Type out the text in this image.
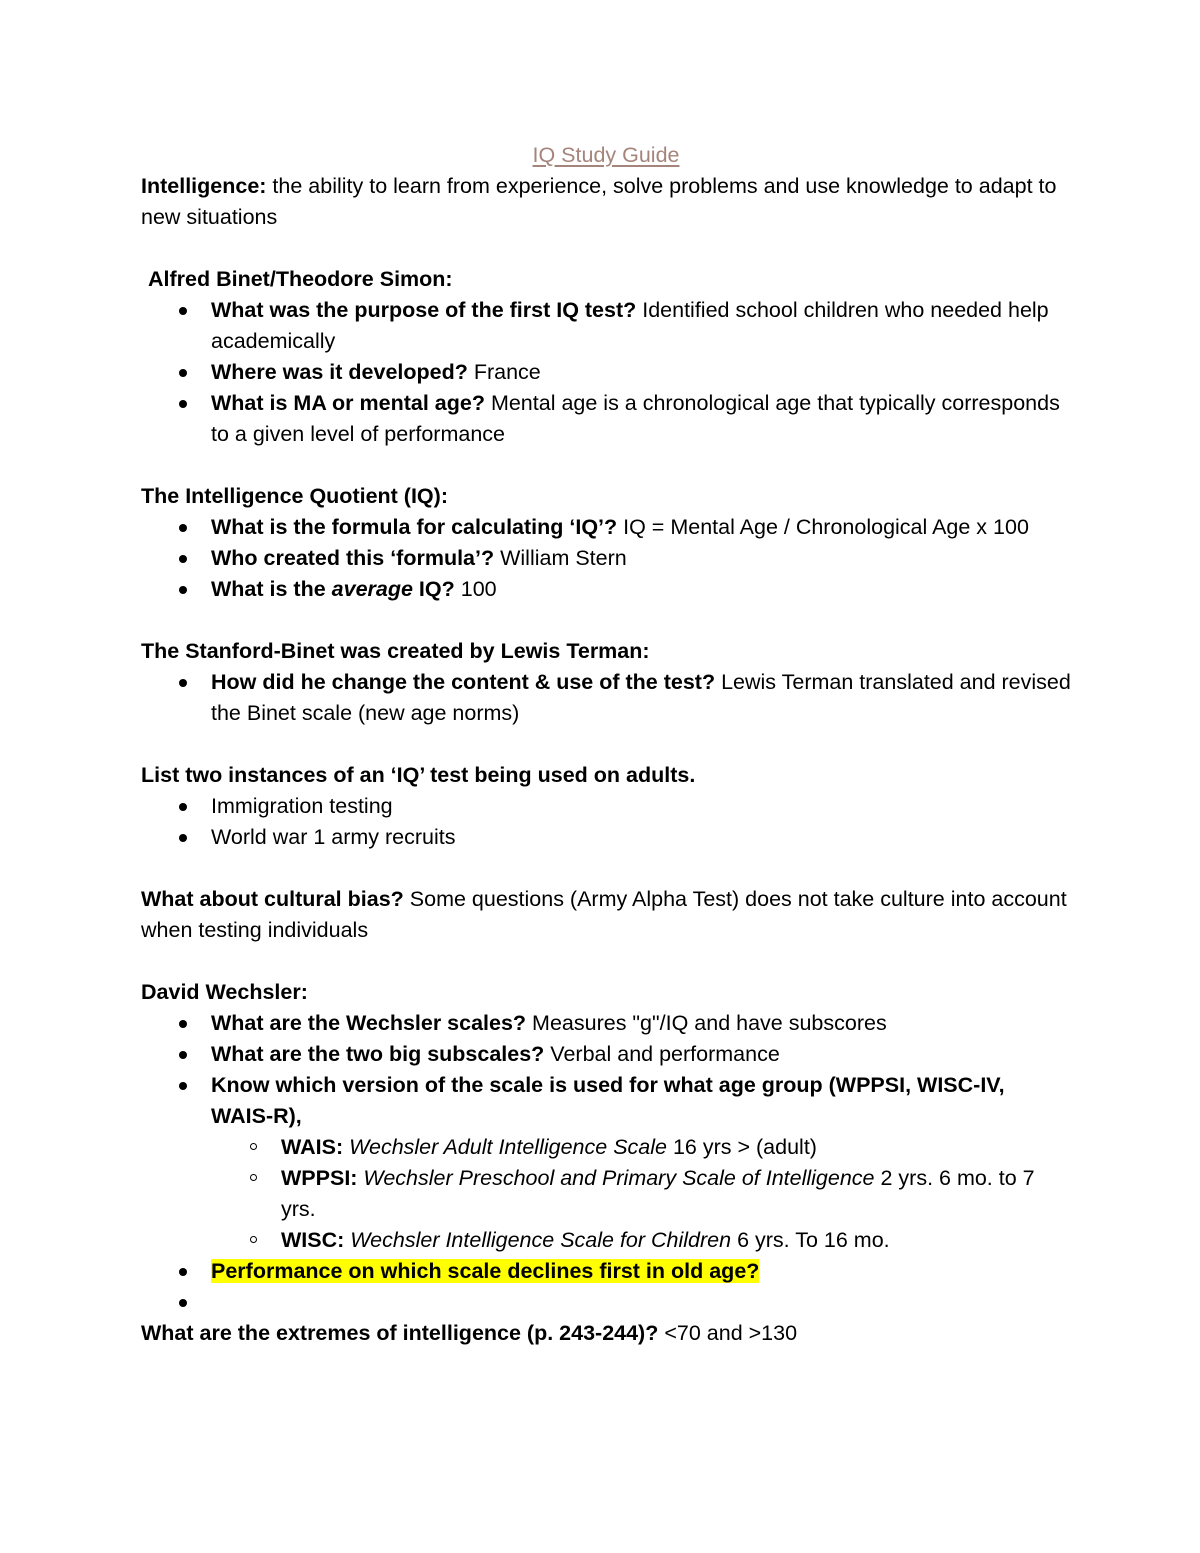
IQ Study Guide

Intelligence: the ability to learn from experience, solve problems and use knowledge to adapt to new situations

Alfred Binet/Theodore Simon:

What was the purpose of the first IQ test? Identified school children who needed help academically
Where was it developed? France
What is MA or mental age? Mental age is a chronological age that typically corresponds to a given level of performance

The Intelligence Quotient (IQ):

What is the formula for calculating ‘IQ’? IQ = Mental Age / Chronological Age x 100
Who created this ‘formula’? William Stern
What is the average IQ? 100

The Stanford-Binet was created by Lewis Terman:

How did he change the content & use of the test? Lewis Terman translated and revised the Binet scale (new age norms)

List two instances of an ‘IQ’ test being used on adults.

Immigration testing
World war 1 army recruits

What about cultural bias? Some questions (Army Alpha Test) does not take culture into account when testing individuals

David Wechsler:

What are the Wechsler scales? Measures "g"/IQ and have subscores
What are the two big subscales? Verbal and performance
Know which version of the scale is used for what age group (WPPSI, WISC-IV, WAIS-R),
WAIS: Wechsler Adult Intelligence Scale 16 yrs > (adult)
WPPSI: Wechsler Preschool and Primary Scale of Intelligence 2 yrs. 6 mo. to 7 yrs.
WISC: Wechsler Intelligence Scale for Children 6 yrs. To 16 mo.
Performance on which scale declines first in old age?

What are the extremes of intelligence (p. 243-244)? <70 and >130
